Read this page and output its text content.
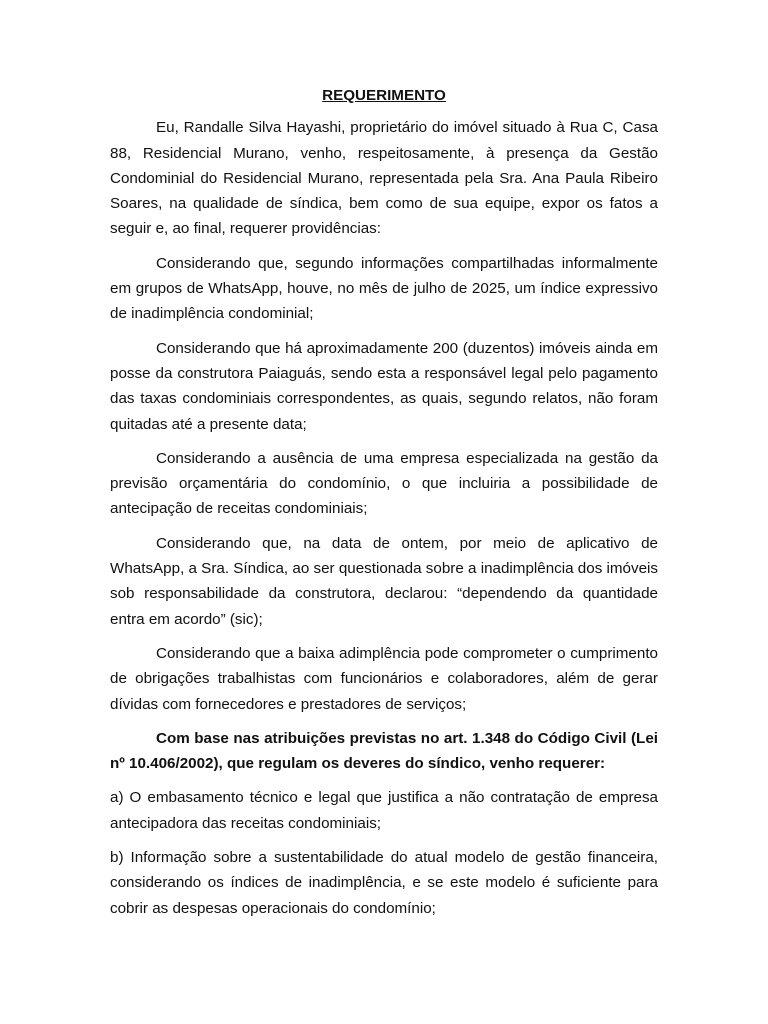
REQUERIMENTO

Eu, Randalle Silva Hayashi, proprietário do imóvel situado à Rua C, Casa 88, Residencial Murano, venho, respeitosamente, à presença da Gestão Condominial do Residencial Murano, representada pela Sra. Ana Paula Ribeiro Soares, na qualidade de síndica, bem como de sua equipe, expor os fatos a seguir e, ao final, requerer providências:

Considerando que, segundo informações compartilhadas informalmente em grupos de WhatsApp, houve, no mês de julho de 2025, um índice expressivo de inadimplência condominial;

Considerando que há aproximadamente 200 (duzentos) imóveis ainda em posse da construtora Paiaguás, sendo esta a responsável legal pelo pagamento das taxas condominiais correspondentes, as quais, segundo relatos, não foram quitadas até a presente data;

Considerando a ausência de uma empresa especializada na gestão da previsão orçamentária do condomínio, o que incluiria a possibilidade de antecipação de receitas condominiais;

Considerando que, na data de ontem, por meio de aplicativo de WhatsApp, a Sra. Síndica, ao ser questionada sobre a inadimplência dos imóveis sob responsabilidade da construtora, declarou: “dependendo da quantidade entra em acordo” (sic);

Considerando que a baixa adimplência pode comprometer o cumprimento de obrigações trabalhistas com funcionários e colaboradores, além de gerar dívidas com fornecedores e prestadores de serviços;

Com base nas atribuições previstas no art. 1.348 do Código Civil (Lei nº 10.406/2002), que regulam os deveres do síndico, venho requerer:

a) O embasamento técnico e legal que justifica a não contratação de empresa antecipadora das receitas condominiais;

b) Informação sobre a sustentabilidade do atual modelo de gestão financeira, considerando os índices de inadimplência, e se este modelo é suficiente para cobrir as despesas operacionais do condomínio;
